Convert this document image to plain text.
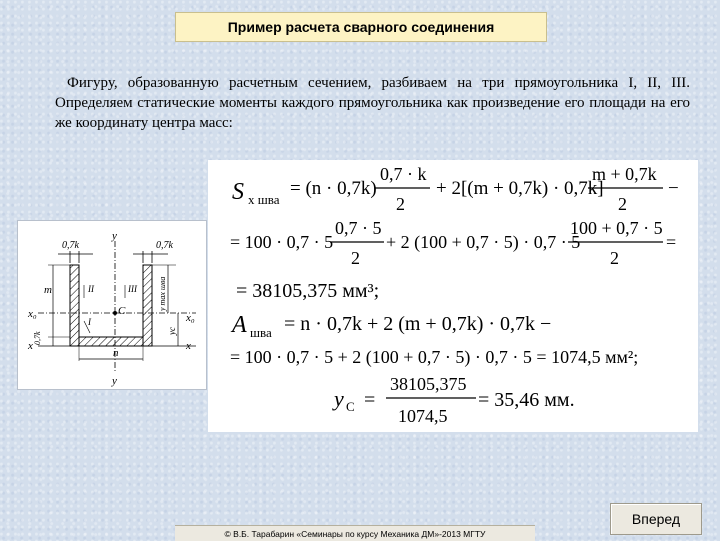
Пример расчета сварного соединения
Фигуру, образованную расчетным сечением, разбиваем на три прямоугольника I, II, III. Определяем статические моменты каждого прямоугольника как произведение его площади на его же координату центра масс:
0,7k	0,7k
y
y
II	III
I
C
x₀	x₀
x	x
m
0,7k
y max шва
yc
n
S x шва
= (n · 0,7k)
0,7 · k
2
+ 2[(m + 0,7k) · 0,7k]
m + 0,7k
2
−
= 100 · 0,7 · 5
0,7 · 5
2
+ 2 (100 + 0,7 · 5) · 0,7 · 5
100 + 0,7 · 5
2
=
= 38105,375 мм³;
A шва = n · 0,7k + 2 (m + 0,7k) · 0,7k −
= 100 · 0,7 · 5 + 2 (100 + 0,7 · 5) · 0,7 · 5 = 1074,5 мм²;
y C =
38105,375
1074,5
= 35,46 мм.
Вперед
© В.Б. Тарабарин «Семинары по курсу Механика ДМ»-2013 МГТУ
